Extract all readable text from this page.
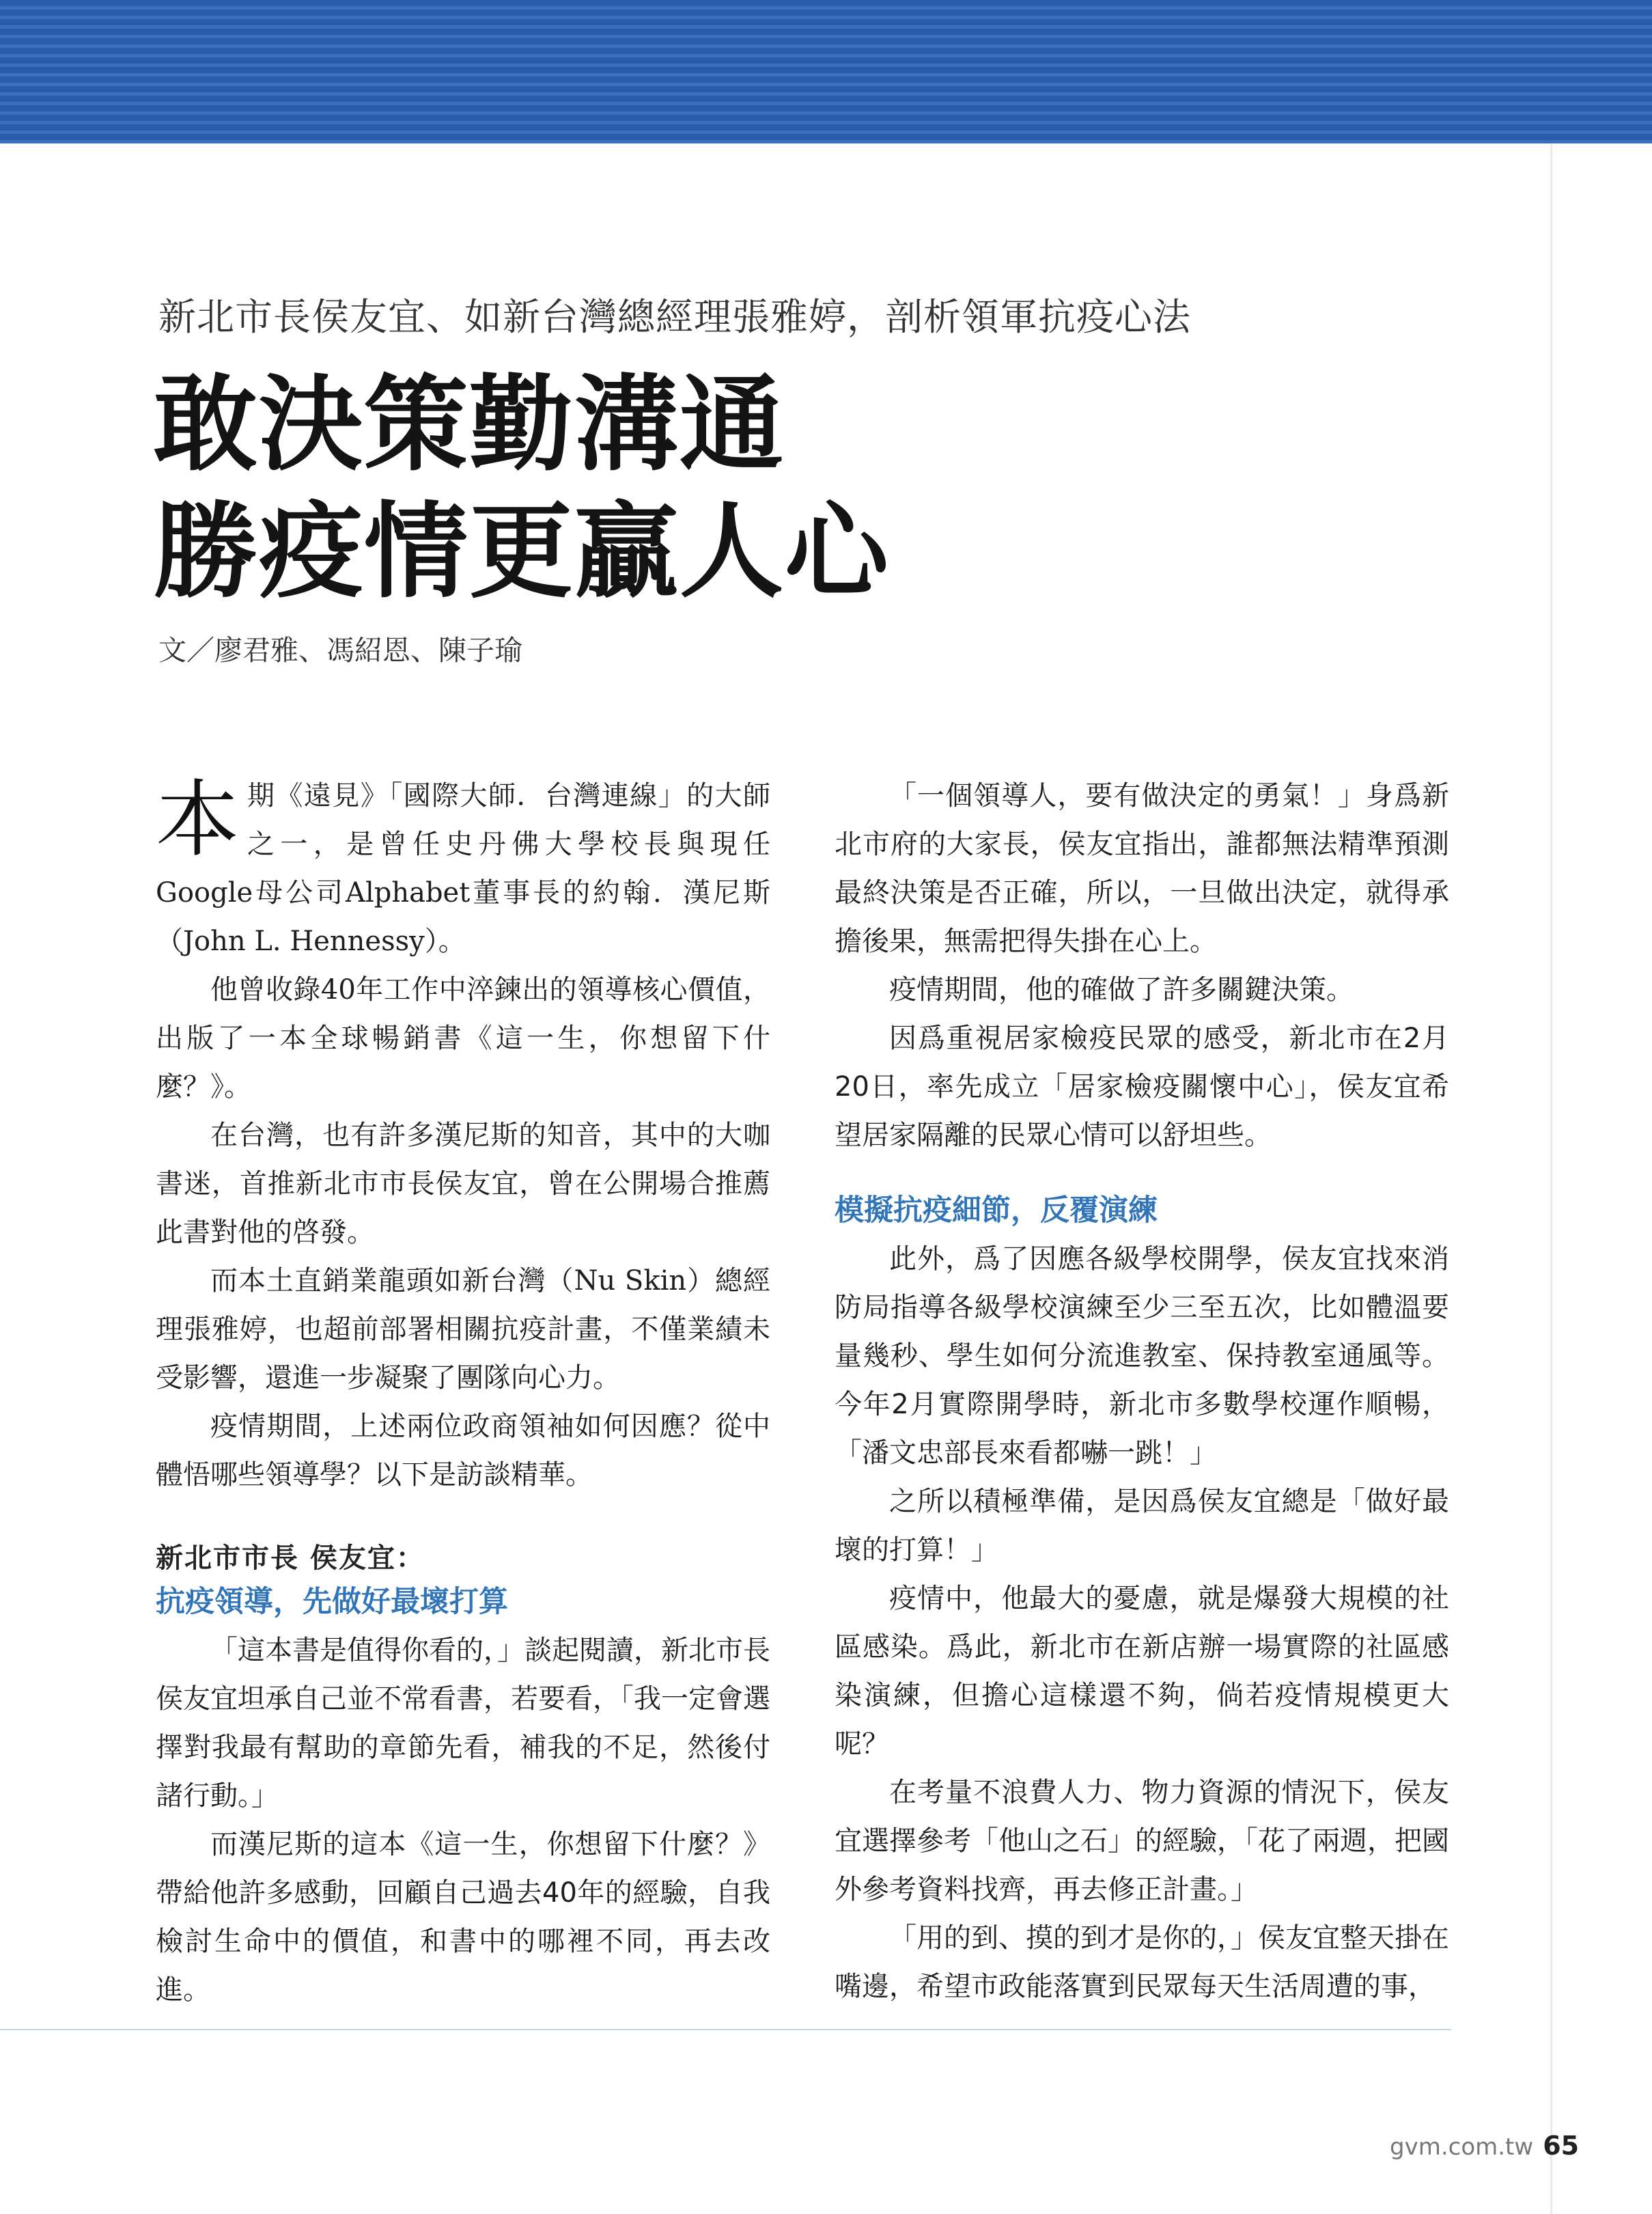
新北市長侯友宜、如新台灣總經理張雅婷，剖析領軍抗疫心法
敢決策勤溝通
勝疫情更贏人心
文／廖君雅、馮紹恩、陳子瑜

本期《遠見》「國際大師．台灣連線」的大師之一，是曾任史丹佛大學校長與現任Google母公司Alphabet董事長的約翰．漢尼斯（John L. Hennessy）。

他曾收錄40年工作中淬鍊出的領導核心價值，出版了一本全球暢銷書《這一生，你想留下什麼？》。

在台灣，也有許多漢尼斯的知音，其中的大咖書迷，首推新北市市長侯友宜，曾在公開場合推薦此書對他的啓發。

而本土直銷業龍頭如新台灣（Nu Skin）總經理張雅婷，也超前部署相關抗疫計畫，不僅業績未受影響，還進一步凝聚了團隊向心力。

疫情期間，上述兩位政商領袖如何因應？從中體悟哪些領導學？以下是訪談精華。

新北市市長 侯友宜：
抗疫領導，先做好最壞打算

「這本書是值得你看的，」談起閱讀，新北市長侯友宜坦承自己並不常看書，若要看，「我一定會選擇對我最有幫助的章節先看，補我的不足，然後付諸行動。」

而漢尼斯的這本《這一生，你想留下什麼？》帶給他許多感動，回顧自己過去40年的經驗，自我檢討生命中的價值，和書中的哪裡不同，再去改進。

「一個領導人，要有做決定的勇氣！」身爲新北市府的大家長，侯友宜指出，誰都無法精準預測最終決策是否正確，所以，一旦做出決定，就得承擔後果，無需把得失掛在心上。

疫情期間，他的確做了許多關鍵決策。

因爲重視居家檢疫民眾的感受，新北市在2月20日，率先成立「居家檢疫關懷中心」，侯友宜希望居家隔離的民眾心情可以舒坦些。

模擬抗疫細節，反覆演練

此外，爲了因應各級學校開學，侯友宜找來消防局指導各級學校演練至少三至五次，比如體溫要量幾秒、學生如何分流進教室、保持教室通風等。今年2月實際開學時，新北市多數學校運作順暢，「潘文忠部長來看都嚇一跳！」

之所以積極準備，是因爲侯友宜總是「做好最壞的打算！」

疫情中，他最大的憂慮，就是爆發大規模的社區感染。爲此，新北市在新店辦一場實際的社區感染演練，但擔心這樣還不夠，倘若疫情規模更大呢？

在考量不浪費人力、物力資源的情況下，侯友宜選擇參考「他山之石」的經驗，「花了兩週，把國外參考資料找齊，再去修正計畫。」

「用的到、摸的到才是你的，」侯友宜整天掛在嘴邊，希望市政能落實到民眾每天生活周遭的事，

gvm.com.tw 65
